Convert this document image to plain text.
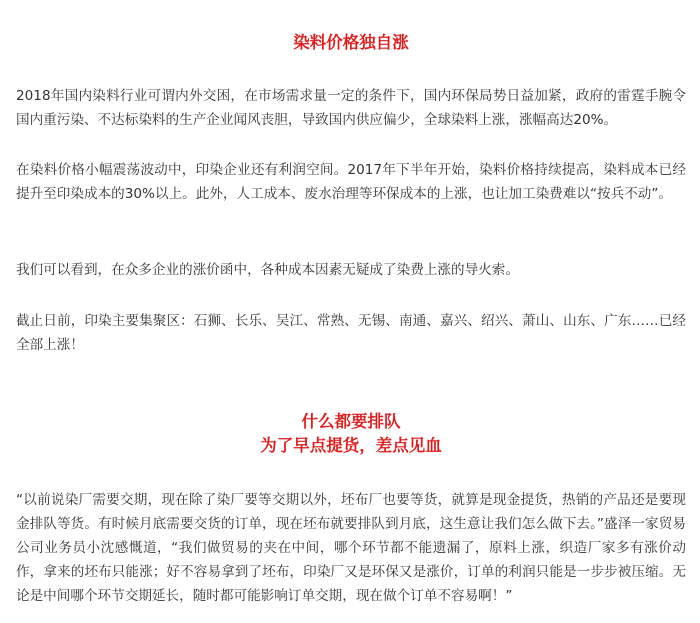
染料价格独自涨

2018年国内染料行业可谓内外交困，在市场需求量一定的条件下，国内环保局势日益加紧，政府的雷霆手腕令国内重污染、不达标染料的生产企业闻风丧胆，导致国内供应偏少，全球染料上涨，涨幅高达20%。

在染料价格小幅震荡波动中，印染企业还有利润空间。2017年下半年开始，染料价格持续提高，染料成本已经提升至印染成本的30%以上。此外，人工成本、废水治理等环保成本的上涨，也让加工染费难以“按兵不动”。

我们可以看到，在众多企业的涨价函中，各种成本因素无疑成了染费上涨的导火索。

截止日前，印染主要集聚区：石狮、长乐、吴江、常熟、无锡、南通、嘉兴、绍兴、萧山、山东、广东……已经全部上涨！

什么都要排队
为了早点提货，差点见血

“以前说染厂需要交期，现在除了染厂要等交期以外，坯布厂也要等货，就算是现金提货，热销的产品还是要现金排队等货。有时候月底需要交货的订单，现在坯布就要排队到月底，这生意让我们怎么做下去。”盛泽一家贸易公司业务员小沈感慨道，“我们做贸易的夹在中间，哪个环节都不能遗漏了，原料上涨，织造厂家多有涨价动作，拿来的坯布只能涨；好不容易拿到了坯布，印染厂又是环保又是涨价，订单的利润只能是一步步被压缩。无论是中间哪个环节交期延长，随时都可能影响订单交期，现在做个订单不容易啊！”
